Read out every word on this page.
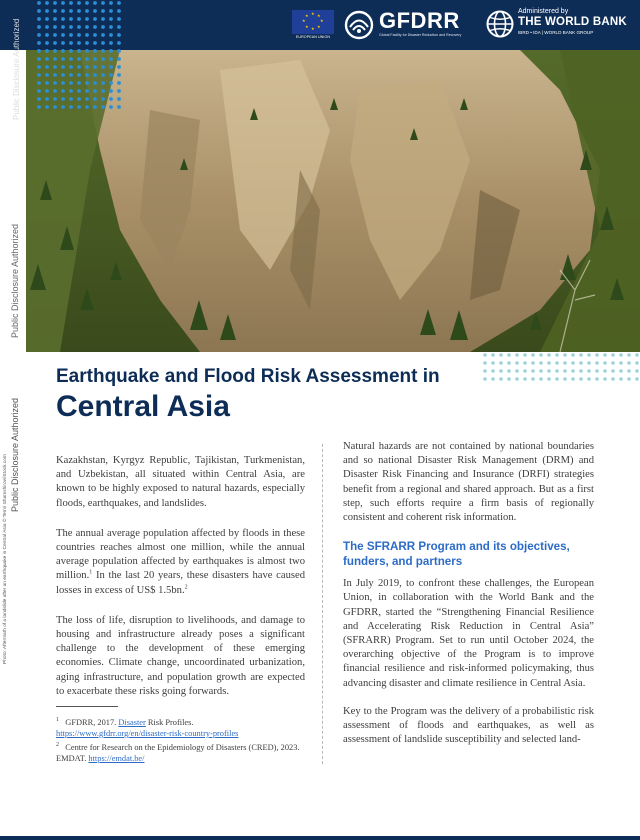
★ ★
★
★
★
★
★
★
EUROPEAN UNION
GFDRR
Global Facility for Disaster Reduction and Recovery
Administered by
THE WORLD BANK
IBRD • IDA | WORLD BANK GROUP
Public Disclosure Authorized
Public Disclosure Authorized
Public Disclosure Authorized
Photo: Aftermath of a landslide after an earthquake in Central Asia © Temir Shamshirov/iStock.com
Earthquake and Flood Risk Assessment in
Central Asia

Kazakhstan, Kyrgyz Republic, Tajikistan, Turkmenistan, and Uzbekistan, all situated within Central Asia, are known to be highly exposed to natural hazards, especially floods, earthquakes, and landslides.

The annual average population affected by floods in these countries reaches almost one million, while the annual average population affected by earthquakes is almost two million.$^1$ In the last 20 years, these disasters have caused losses in excess of US$ 1.5bn.$^2$

The loss of life, disruption to livelihoods, and damage to housing and infrastructure already poses a significant challenge to the development of these emerging economies. Climate change, uncoordinated urbanization, aging infrastructure, and population growth are expected to exacerbate these risks going forwards.

$^1$ GFDRR, 2017. Disaster Risk Profiles. https://www.gfdrr.org/en/disaster-risk-country-profiles
$^2$ Centre for Research on the Epidemiology of Disasters (CRED), 2023. EMDAT. https://emdat.be/

Natural hazards are not contained by national boundaries and so national Disaster Risk Management (DRM) and Disaster Risk Financing and Insurance (DRFI) strategies benefit from a regional and shared approach. But as a first step, such efforts require a firm basis of regionally consistent and coherent risk information.

The SFRARR Program and its objectives, funders, and partners

In July 2019, to confront these challenges, the European Union, in collaboration with the World Bank and the GFDRR, started the “Strengthening Financial Resilience and Accelerating Risk Reduction in Central Asia” (SFRARR) Program. Set to run until October 2024, the overarching objective of the Program is to improve financial resilience and risk-informed policymaking, thus advancing disaster and climate resilience in Central Asia.

Key to the Program was the delivery of a probabilistic risk assessment of floods and earthquakes, as well as assessment of landslide susceptibility and selected land-
